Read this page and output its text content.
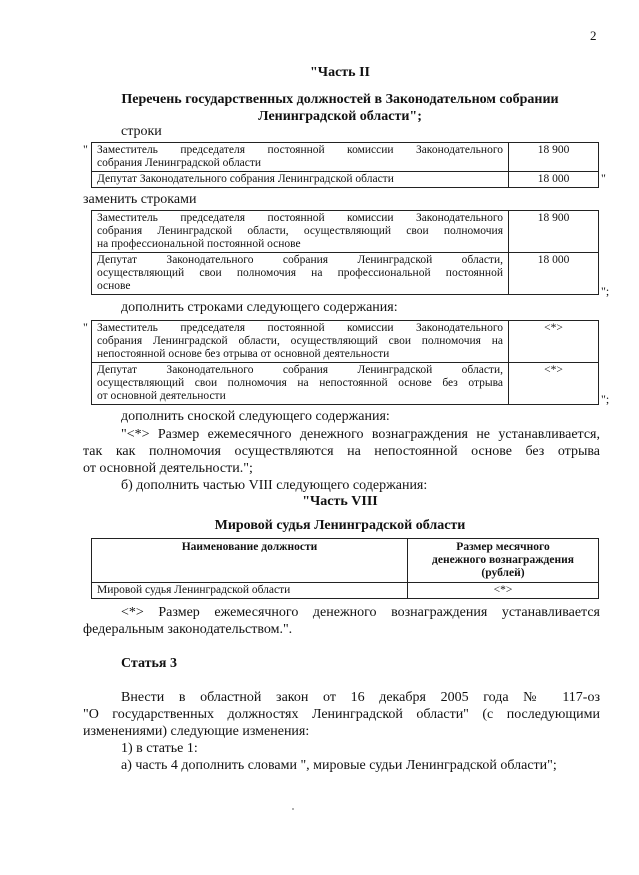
2
"Часть II
Перечень государственных должностей в Законодательном собрании
Ленинградской области";
строки
" Заместитель председателя постоянной комиссии Законодательного
собрания Ленинградской области	18 900
Депутат Законодательного собрания Ленинградской области	18 000	"
заменить строками
Заместитель председателя постоянной комиссии Законодательного
собрания Ленинградской области, осуществляющий свои полномочия
на профессиональной постоянной основе	18 900

Депутат Законодательного собрания Ленинградской области,
осуществляющий свои полномочия на профессиональной постоянной
основе	18 000
";
дополнить строками следующего содержания:
" Заместитель председателя постоянной комиссии Законодательного
собрания Ленинградской области, осуществляющий свои полномочия на
непостоянной основе без отрыва от основной деятельности	<*>

Депутат Законодательного собрания Ленинградской области,
осуществляющий свои полномочия на непостоянной основе без отрыва
от основной деятельности	<*>
";
дополнить сноской следующего содержания:
"<*> Размер ежемесячного денежного вознаграждения не устанавливается,
так как полномочия осуществляются на непостоянной основе без отрыва
от основной деятельности.";
б) дополнить частью VIII следующего содержания:
"Часть VIII
Мировой судья Ленинградской области
Наименование должности	Размер месячного
денежного вознаграждения
(рублей)

Мировой судья Ленинградской области	<*>
<*> Размер ежемесячного денежного вознаграждения устанавливается
федеральным законодательством.".
Статья 3
Внести в областной закон от 16 декабря 2005 года № 117-оз
"О государственных должностях Ленинградской области" (с последующими
изменениями) следующие изменения:
1) в статье 1:
а) часть 4 дополнить словами ", мировые судьи Ленинградской области";
